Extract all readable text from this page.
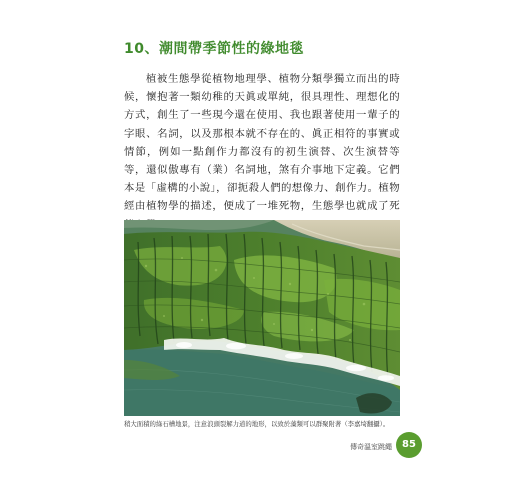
10、潮間帶季節性的綠地毯

植被生態學從植物地理學、植物分類學獨立而出的時候，懷抱著一類幼稚的天眞或單純，很具理性、理想化的方式，創生了一些現今還在使用、我也跟著使用一輩子的字眼、名詞，以及那根本就不存在的、眞正相符的事實或情節，例如一點創作力都沒有的初生演替、次生演替等等，還似傲專有（業）名詞地，煞有介事地下定義。它們本是「虛構的小說」，卻扼殺人們的想像力、創作力。植物經由植物學的描述，便成了一堆死物，生態學也就成了死

稍大面積的綠石槽地景，注意浪頭裂解力道的地形，以致於藻類可以群聚附著（李嘉埼翻攝）。

傳奇溫室跳繩	85
